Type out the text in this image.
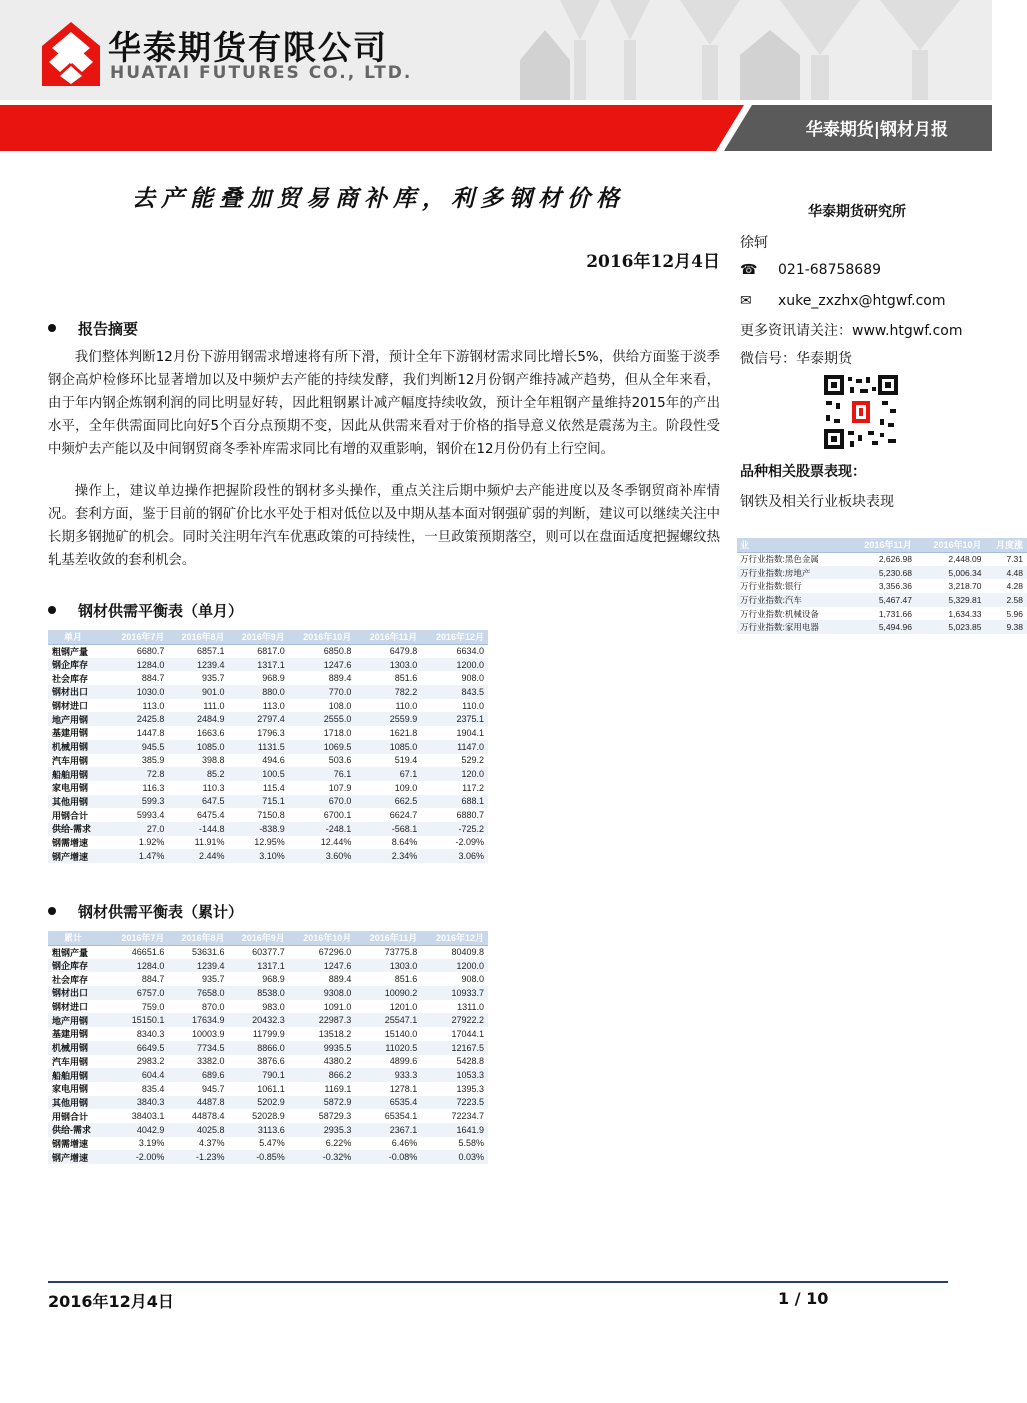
华泰期货有限公司
HUATAI FUTURES CO., LTD.
华泰期货|钢材月报
去产能叠加贸易商补库，利多钢材价格
2016年12月4日
华泰期货研究所
徐轲
☎ 021-68758689
✉ xuke_zxzhx@htgwf.com
更多资讯请关注：www.htgwf.com
微信号：华泰期货
品种相关股票表现：
钢铁及相关行业板块表现
业	2016年11月	2016年10月	月度涨
万行业指数:黑色金属	2,626.98	2,448.09	7.31
万行业指数:房地产	5,230.68	5,006.34	4.48
万行业指数:银行	3,356.36	3,218.70	4.28
万行业指数:汽车	5,467.47	5,329.81	2.58
万行业指数:机械设备	1,731.66	1,634.33	5.96
万行业指数:家用电器	5,494.96	5,023.85	9.38
报告摘要

我们整体判断12月份下游用钢需求增速将有所下滑，预计全年下游钢材需求同比增长5%，供给方面鉴于淡季钢企高炉检修环比显著增加以及中频炉去产能的持续发酵，我们判断12月份钢产维持减产趋势，但从全年来看，由于年内钢企炼钢利润的同比明显好转，因此粗钢累计减产幅度持续收敛，预计全年粗钢产量维持2015年的产出水平，全年供需面同比向好5个百分点预期不变，因此从供需来看对于价格的指导意义依然是震荡为主。阶段性受中频炉去产能以及中间钢贸商冬季补库需求同比有增的双重影响，钢价在12月份仍有上行空间。

操作上，建议单边操作把握阶段性的钢材多头操作，重点关注后期中频炉去产能进度以及冬季钢贸商补库情况。套利方面，鉴于目前的钢矿价比水平处于相对低位以及中期从基本面对钢强矿弱的判断，建议可以继续关注中长期多钢抛矿的机会。同时关注明年汽车优惠政策的可持续性，一旦政策预期落空，则可以在盘面适度把握螺纹热轧基差收敛的套利机会。

钢材供需平衡表（单月）
单月	2016年7月	2016年8月	2016年9月	2016年10月	2016年11月	2016年12月
粗钢产量	6680.7	6857.1	6817.0	6850.8	6479.8	6634.0
钢企库存	1284.0	1239.4	1317.1	1247.6	1303.0	1200.0
社会库存	884.7	935.7	968.9	889.4	851.6	908.0
钢材出口	1030.0	901.0	880.0	770.0	782.2	843.5
钢材进口	113.0	111.0	113.0	108.0	110.0	110.0
地产用钢	2425.8	2484.9	2797.4	2555.0	2559.9	2375.1
基建用钢	1447.8	1663.6	1796.3	1718.0	1621.8	1904.1
机械用钢	945.5	1085.0	1131.5	1069.5	1085.0	1147.0
汽车用钢	385.9	398.8	494.6	503.6	519.4	529.2
船舶用钢	72.8	85.2	100.5	76.1	67.1	120.0
家电用钢	116.3	110.3	115.4	107.9	109.0	117.2
其他用钢	599.3	647.5	715.1	670.0	662.5	688.1
用钢合计	5993.4	6475.4	7150.8	6700.1	6624.7	6880.7
供给-需求	27.0	-144.8	-838.9	-248.1	-568.1	-725.2
钢需增速	1.92%	11.91%	12.95%	12.44%	8.64%	-2.09%
钢产增速	1.47%	2.44%	3.10%	3.60%	2.34%	3.06%
钢材供需平衡表（累计）
累计	2016年7月	2016年8月	2016年9月	2016年10月	2016年11月	2016年12月
粗钢产量	46651.6	53631.6	60377.7	67296.0	73775.8	80409.8
钢企库存	1284.0	1239.4	1317.1	1247.6	1303.0	1200.0
社会库存	884.7	935.7	968.9	889.4	851.6	908.0
钢材出口	6757.0	7658.0	8538.0	9308.0	10090.2	10933.7
钢材进口	759.0	870.0	983.0	1091.0	1201.0	1311.0
地产用钢	15150.1	17634.9	20432.3	22987.3	25547.1	27922.2
基建用钢	8340.3	10003.9	11799.9	13518.2	15140.0	17044.1
机械用钢	6649.5	7734.5	8866.0	9935.5	11020.5	12167.5
汽车用钢	2983.2	3382.0	3876.6	4380.2	4899.6	5428.8
船舶用钢	604.4	689.6	790.1	866.2	933.3	1053.3
家电用钢	835.4	945.7	1061.1	1169.1	1278.1	1395.3
其他用钢	3840.3	4487.8	5202.9	5872.9	6535.4	7223.5
用钢合计	38403.1	44878.4	52028.9	58729.3	65354.1	72234.7
供给-需求	4042.9	4025.8	3113.6	2935.3	2367.1	1641.9
钢需增速	3.19%	4.37%	5.47%	6.22%	6.46%	5.58%
钢产增速	-2.00%	-1.23%	-0.85%	-0.32%	-0.08%	0.03%
2016年12月4日	1 / 10
